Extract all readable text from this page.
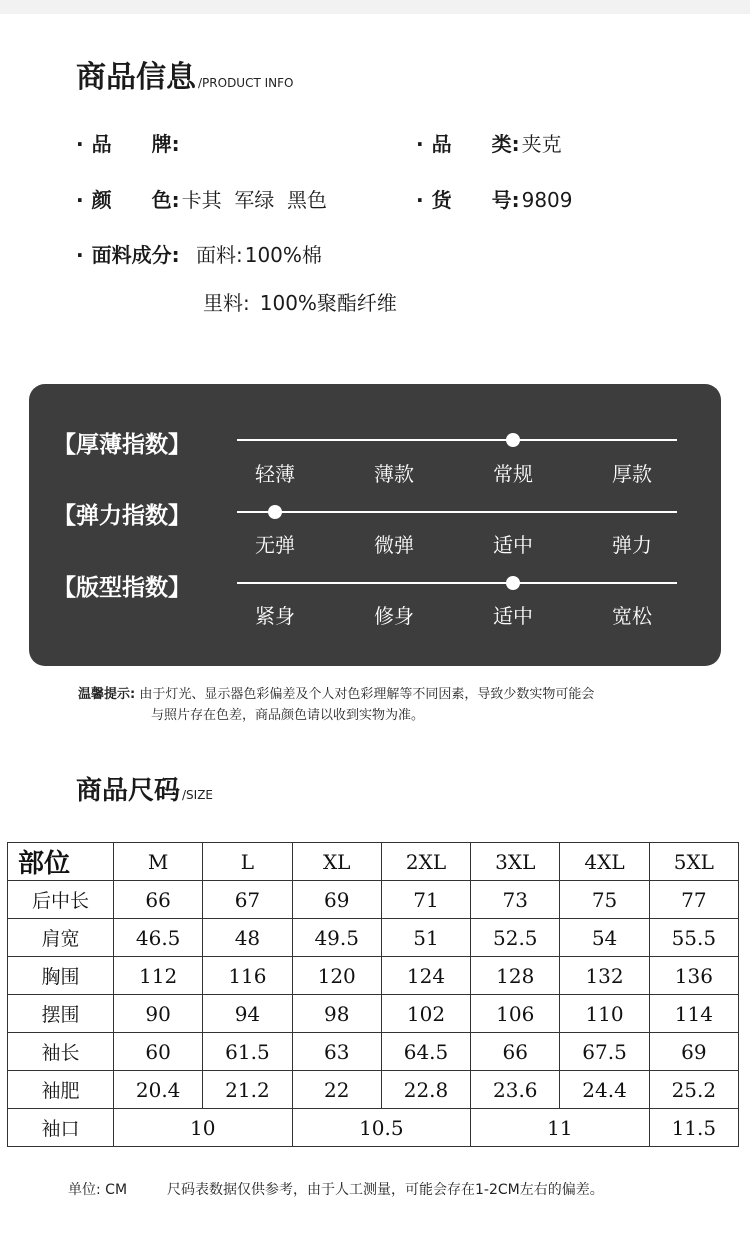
商品信息 /PRODUCT INFO
· 品　　牌:	· 品　　类: 夹克
· 颜　　色: 卡其  军绿  黑色	· 货　　号: 9809
· 面料成分: 面料: 100%棉
里料: 100%聚酯纤维
【厚薄指数】
轻薄	薄款	常规	厚款
【弹力指数】
无弹	微弹	适中	弹力
【版型指数】
紧身	修身	适中	宽松
温馨提示: 由于灯光、显示器色彩偏差及个人对色彩理解等不同因素，导致少数实物可能会
与照片存在色差，商品颜色请以收到实物为准。
商品尺码 /SIZE
部位	M	L	XL	2XL	3XL	4XL	5XL
后中长	66	67	69	71	73	75	77
肩宽	46.5	48	49.5	51	52.5	54	55.5
胸围	112	116	120	124	128	132	136
摆围	90	94	98	102	106	110	114
袖长	60	61.5	63	64.5	66	67.5	69
袖肥	20.4	21.2	22	22.8	23.6	24.4	25.2
袖口	10		10.5		11		11.5
单位: CM	尺码表数据仅供参考，由于人工测量，可能会存在1-2CM左右的偏差。
